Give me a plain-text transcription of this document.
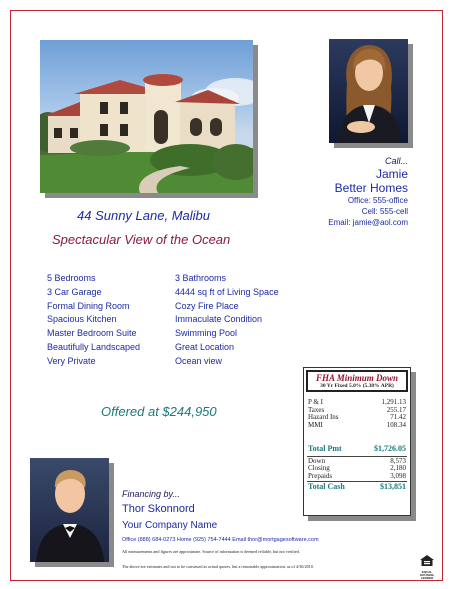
Call...
Jamie
Better Homes
Office: 555-office
Cell: 555-cell
Email: jamie@aol.com
44 Sunny Lane, Malibu
Spectacular View of the Ocean
5 Bedrooms
3 Car Garage
Formal Dining Room
Spacious Kitchen
Master Bedroom Suite
Beautifully Landscaped
Very Private
3 Bathrooms
4444 sq ft of Living Space
Cozy Fire Place
Immaculate Condition
Swimming Pool
Great Location
Ocean view
Offered at $244,950
FHA Minimum Down
30 Yr Fixed 5.0% (5.38% APR)
P & I	1,291.13
Taxes	255.17
Hazard Ins	71.42
MMI	108.34
Total Pmt	$1,726.05
Down	8,573
Closing	2,180
Prepaids	3,098
Total Cash	$13,851
Financing by...
Thor Skonnord
Your Company Name
Office (888) 684-0273 Home (925) 754-7444 Email thor@mortgagesoftware.com
All measurements and figures are approximate. Source of information is deemed reliable, but not verified.
The above are estimates and not to be construed as actual quotes, but a reasonable approximation, as of 4/30/2010.
EQUAL HOUSING
LENDER
